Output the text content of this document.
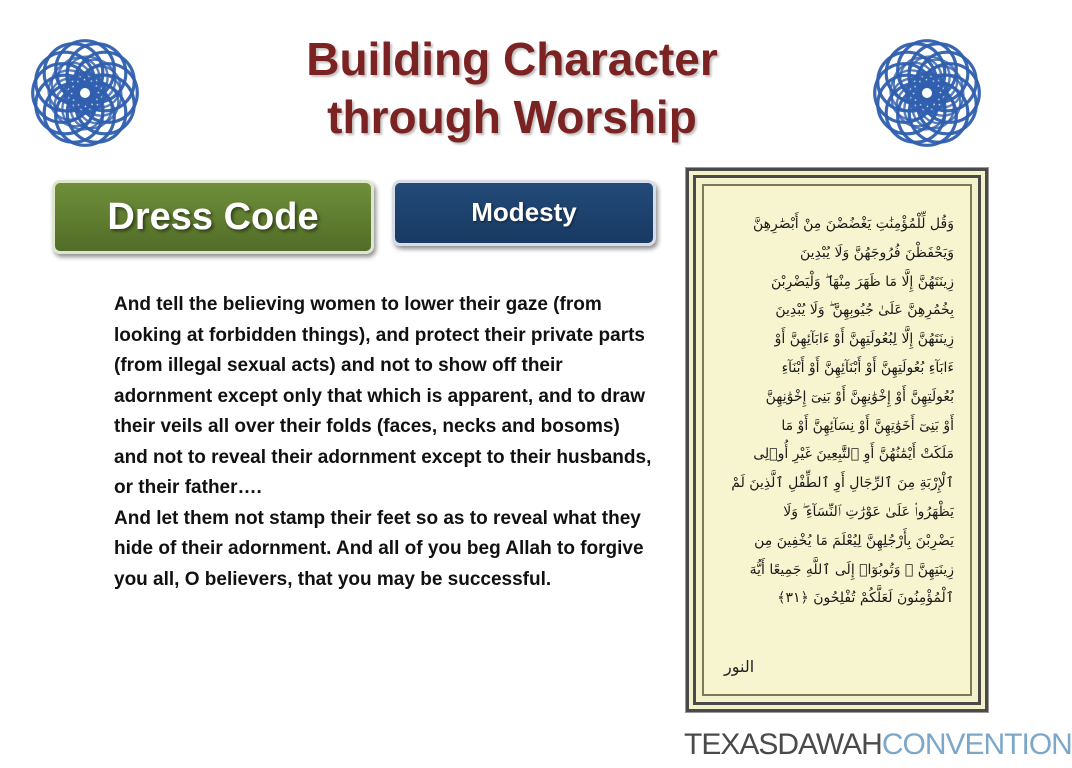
Building Character
through Worship
Dress Code	Modesty

And tell the believing women to lower their gaze (from looking at forbidden things), and protect their private parts (from illegal sexual acts) and not to show off their adornment except only that which is apparent, and to draw their veils all over their folds (faces, necks and bosoms) and not to reveal their adornment except to their husbands, or their father….

And let them not stamp their feet so as to reveal what they hide of their adornment. And all of you beg Allah to forgive you all, O believers, that you may be successful.

وَقُل لِّلْمُؤْمِنَٰتِ يَغْضُضْنَ مِنْ أَبْصَٰرِهِنَّ
وَيَحْفَظْنَ فُرُوجَهُنَّ وَلَا يُبْدِينَ
زِينَتَهُنَّ إِلَّا مَا ظَهَرَ مِنْهَا ۖ وَلْيَضْرِبْنَ
بِخُمُرِهِنَّ عَلَىٰ جُيُوبِهِنَّ ۖ وَلَا يُبْدِينَ
زِينَتَهُنَّ إِلَّا لِبُعُولَتِهِنَّ أَوْ ءَابَآئِهِنَّ أَوْ
ءَابَآءِ بُعُولَتِهِنَّ أَوْ أَبْنَآئِهِنَّ أَوْ أَبْنَآءِ
بُعُولَتِهِنَّ أَوْ إِخْوَٰنِهِنَّ أَوْ بَنِىٓ إِخْوَٰنِهِنَّ
أَوْ بَنِىٓ أَخَوَٰتِهِنَّ أَوْ نِسَآئِهِنَّ أَوْ مَا
مَلَكَتْ أَيْمَٰنُهُنَّ أَوِ ٱلتَّٰبِعِينَ غَيْرِ أُو۟لِى
ٱلْإِرْبَةِ مِنَ ٱلرِّجَالِ أَوِ ٱلطِّفْلِ ٱلَّذِينَ لَمْ
يَظْهَرُوا۟ عَلَىٰ عَوْرَٰتِ ٱلنِّسَآءِ ۖ وَلَا
يَضْرِبْنَ بِأَرْجُلِهِنَّ لِيُعْلَمَ مَا يُخْفِينَ مِن
زِينَتِهِنَّ ۚ وَتُوبُوٓا۟ إِلَى ٱللَّهِ جَمِيعًا أَيُّهَ
ٱلْمُؤْمِنُونَ لَعَلَّكُمْ تُفْلِحُونَ ﴿٣١﴾
النور
TEXASDAWAHCONVENTION
